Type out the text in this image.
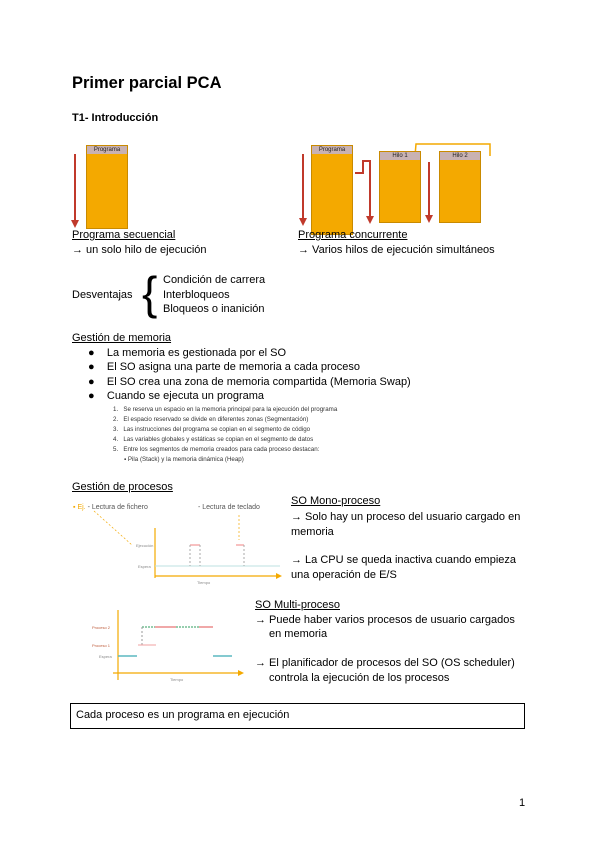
Primer parcial PCA
T1- Introducción
Programa	Programa
Hilo 1	Hilo 2
Programa secuencial
→ un solo hilo de ejecución
Programa concurrente
→ Varios hilos de ejecución simultáneos
Desventajas { Condición de carrera
Interbloqueos
Bloqueos o inanición
Gestión de memoria
●    La memoria es gestionada por el SO
●    El SO asigna una parte de memoria a cada proceso
●    El SO crea una zona de memoria compartida (Memoria Swap)
●    Cuando se ejecuta un programa
1.   Se reserva un espacio en la memoria principal para la ejecución del programa
2.   El espacio reservado se divide en diferentes zonas (Segmentación)
3.   Las instrucciones del programa se copian en el segmento de código
4.   Las variables globales y estáticas se copian en el segmento de datos
5.   Entre los segmentos de memoria creados para cada proceso destacan:
▪ Pila (Stack) y la memoria dinámica (Heap)
Gestión de procesos
▪ Ej. - Lectura de fichero	- Lectura de teclado
Tiempo
Ejecución
Espera
SO Mono-proceso
→ Solo hay un proceso del usuario cargado en
memoria
→ La CPU se queda inactiva cuando empieza
una operación de E/S
Proceso 2
Proceso 1
Espera
Tiempo
SO Multi-proceso
→ Puede haber varios procesos de usuario cargados
en memoria
→ El planificador de procesos del SO (OS scheduler)
controla la ejecución de los procesos
Cada proceso es un programa en ejecución
1
